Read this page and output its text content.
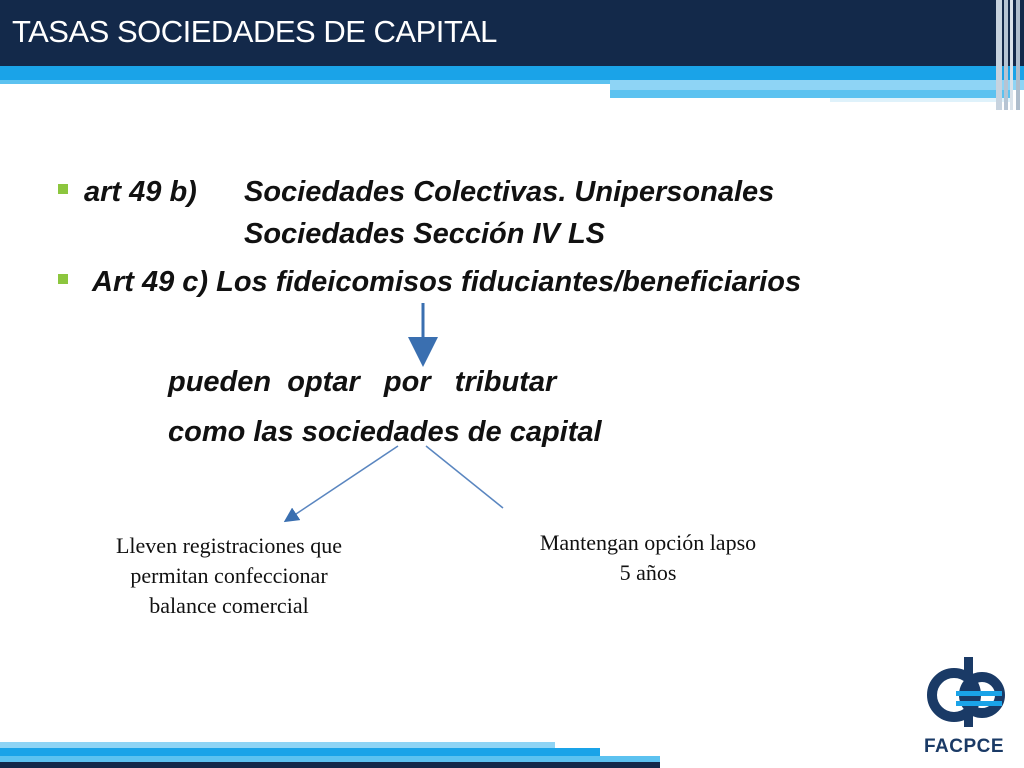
TASAS SOCIEDADES DE CAPITAL
art 49 b) Sociedades Colectivas. Unipersonales
Sociedades Sección IV LS
Art 49 c) Los fideicomisos fiduciantes/beneficiarios
pueden  optar   por   tributar
como las sociedades de capital
Lleven registraciones que
permitan confeccionar
balance comercial
Mantengan opción lapso
5 años
FACPCE
